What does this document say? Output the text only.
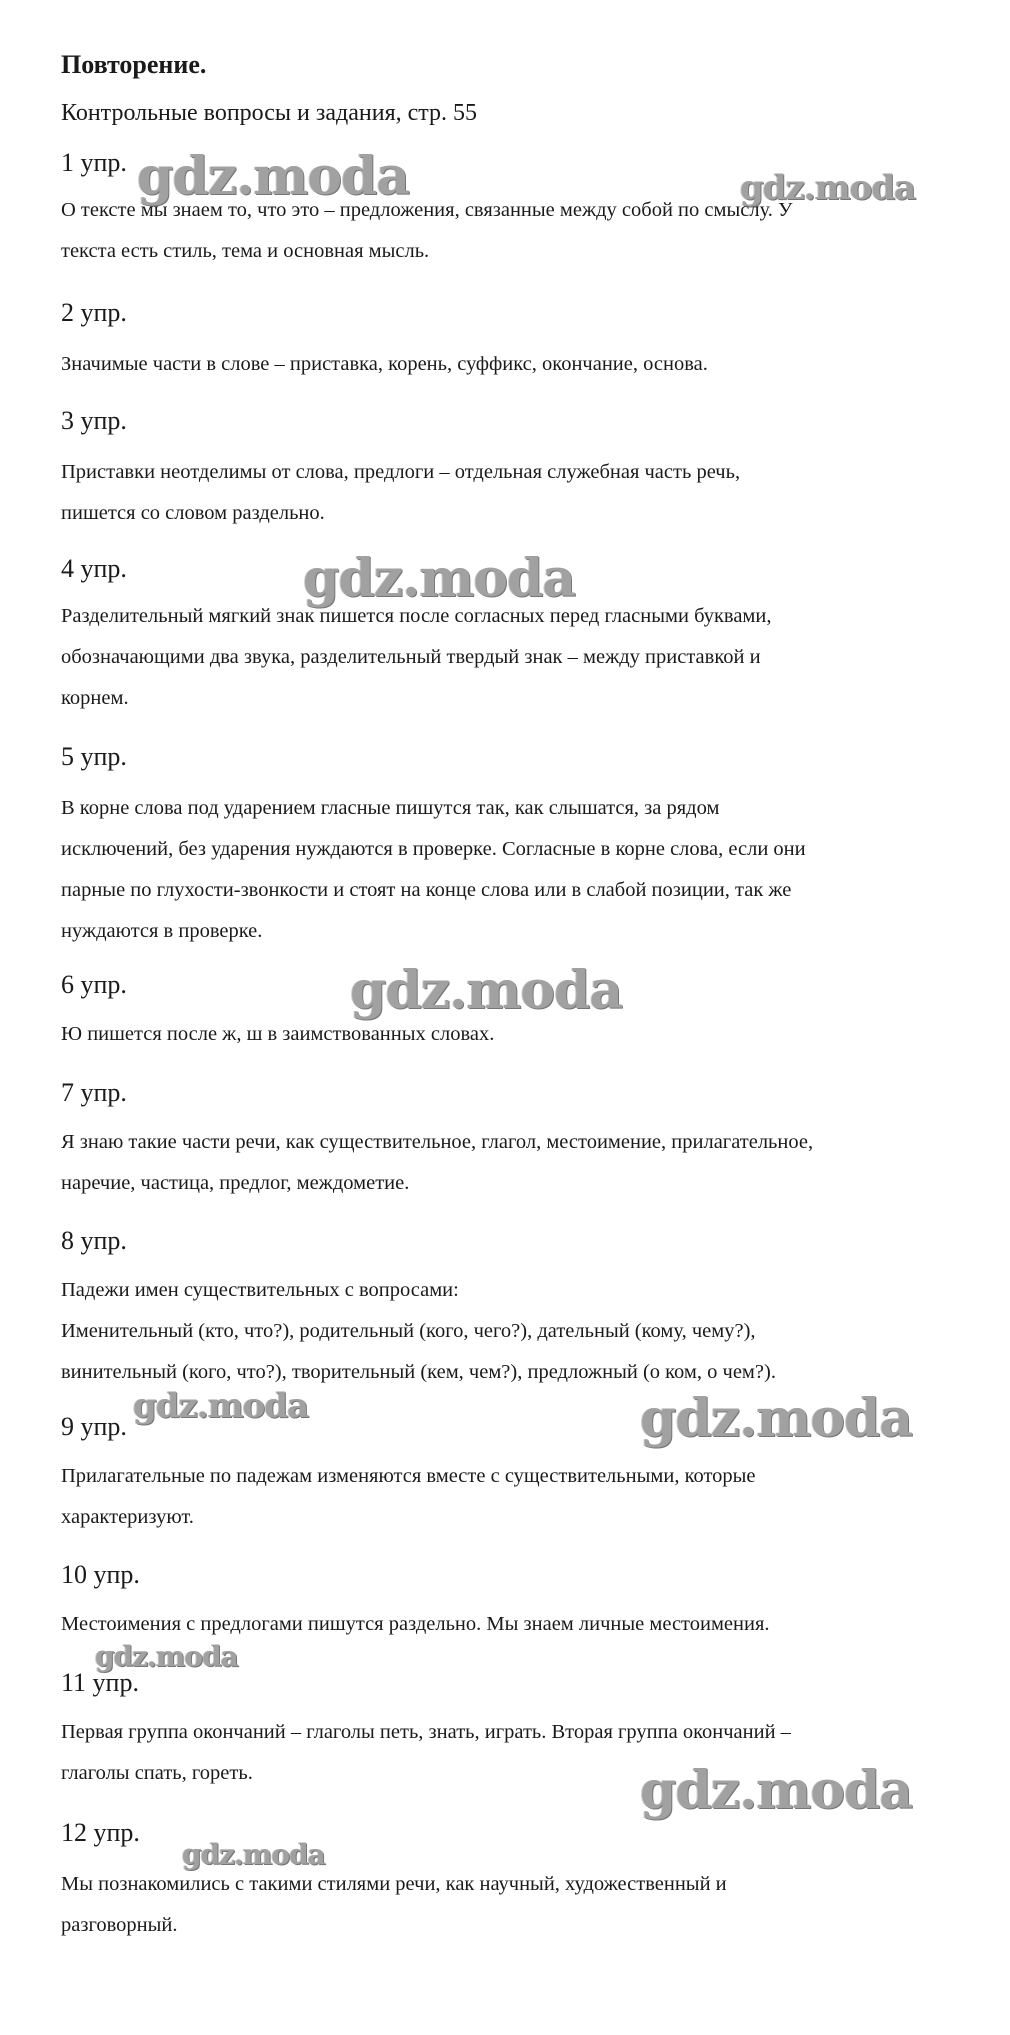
Повторение.
Контрольные вопросы и задания, стр. 55
1 упр.
О тексте мы знаем то, что это – предложения, связанные между собой по смыслу. У
текста есть стиль, тема и основная мысль.
2 упр.
Значимые части в слове – приставка, корень, суффикс, окончание, основа.
3 упр.
Приставки неотделимы от слова, предлоги – отдельная служебная часть речь,
пишется со словом раздельно.
4 упр.
Разделительный мягкий знак пишется после согласных перед гласными буквами,
обозначающими два звука, разделительный твердый знак – между приставкой и
корнем.
5 упр.
В корне слова под ударением гласные пишутся так, как слышатся, за рядом
исключений, без ударения нуждаются в проверке. Согласные в корне слова, если они
парные по глухости-звонкости и стоят на конце слова или в слабой позиции, так же
нуждаются в проверке.
6 упр.
Ю пишется после ж, ш в заимствованных словах.
7 упр.
Я знаю такие части речи, как существительное, глагол, местоимение, прилагательное,
наречие, частица, предлог, междометие.
8 упр.
Падежи имен существительных с вопросами:
Именительный (кто, что?), родительный (кого, чего?), дательный (кому, чему?),
винительный (кого, что?), творительный (кем, чем?), предложный (о ком, о чем?).
9 упр.
Прилагательные по падежам изменяются вместе с существительными, которые
характеризуют.
10 упр.
Местоимения с предлогами пишутся раздельно. Мы знаем личные местоимения.
11 упр.
Первая группа окончаний – глаголы петь, знать, играть. Вторая группа окончаний –
глаголы спать, гореть.
12 упр.
Мы познакомились с такими стилями речи, как научный, художественный и
разговорный.
gdz.moda	gdz.moda
gdz.moda
gdz.moda
gdz.moda	gdz.moda
gdz.moda
gdz.moda
gdz.moda
